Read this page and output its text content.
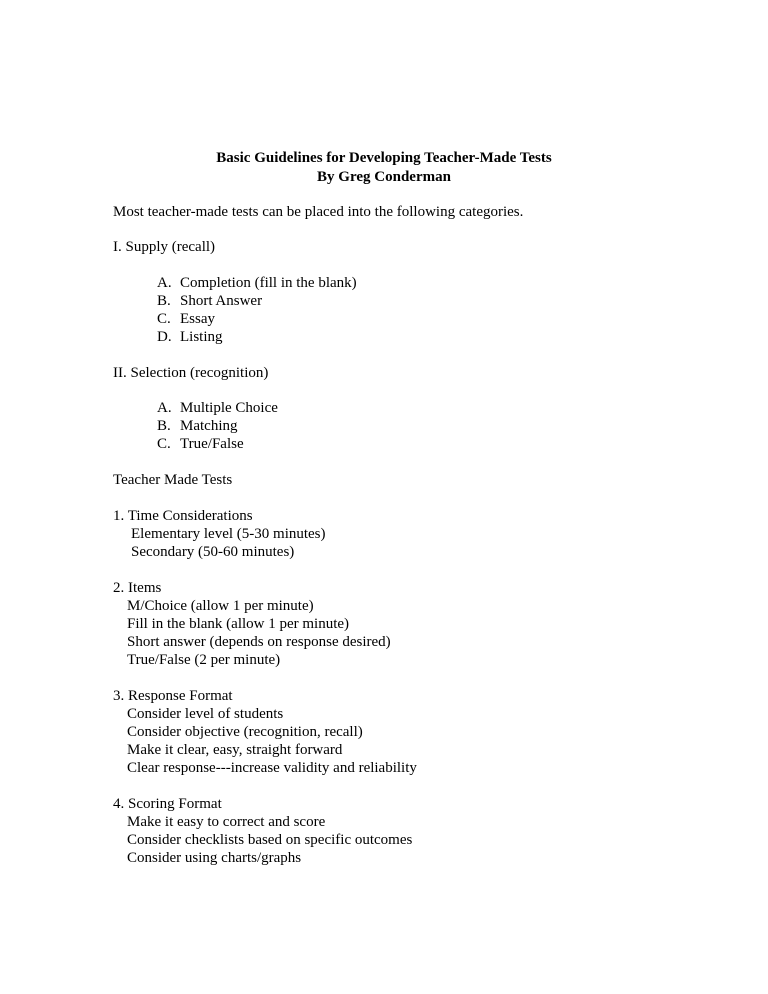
Basic Guidelines for Developing Teacher-Made Tests
By Greg Conderman
Most teacher-made tests can be placed into the following categories.
I. Supply (recall)
A. Completion (fill in the blank)
B. Short Answer
C. Essay
D. Listing
II. Selection (recognition)
A. Multiple Choice
B. Matching
C. True/False
Teacher Made Tests
1. Time Considerations
Elementary level (5-30 minutes)
Secondary (50-60 minutes)
2. Items
M/Choice (allow 1 per minute)
Fill in the blank (allow 1 per minute)
Short answer (depends on response desired)
True/False (2 per minute)
3. Response Format
Consider level of students
Consider objective (recognition, recall)
Make it clear, easy, straight forward
Clear response---increase validity and reliability
4. Scoring Format
Make it easy to correct and score
Consider checklists based on specific outcomes
Consider using charts/graphs
